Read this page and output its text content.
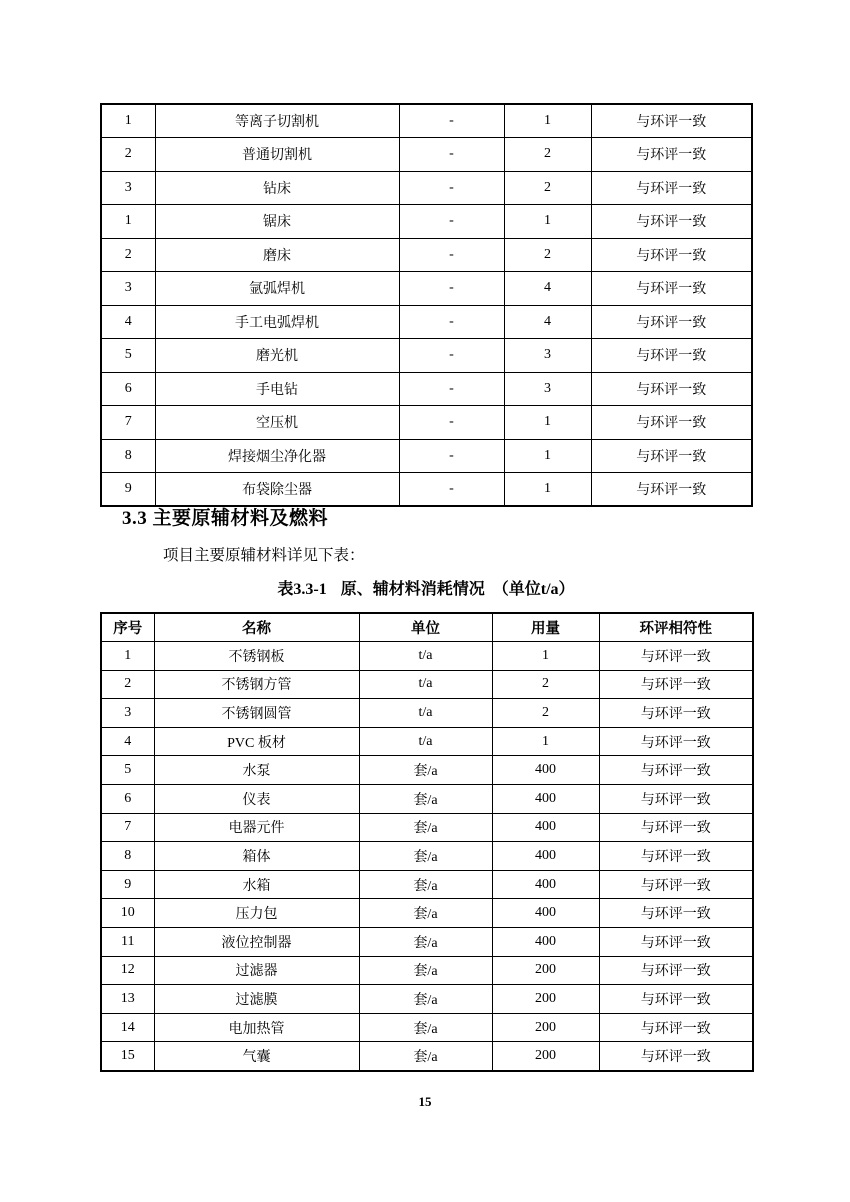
1	等离子切割机	-	1	与环评一致
2	普通切割机	-	2	与环评一致
3	钻床	-	2	与环评一致
1	锯床	-	1	与环评一致
2	磨床	-	2	与环评一致
3	氩弧焊机	-	4	与环评一致
4	手工电弧焊机	-	4	与环评一致
5	磨光机	-	3	与环评一致
6	手电钻	-	3	与环评一致
7	空压机	-	1	与环评一致
8	焊接烟尘净化器	-	1	与环评一致
9	布袋除尘器	-	1	与环评一致
3.3 主要原辅材料及燃料
项目主要原辅材料详见下表：
表3.3-1 原、辅材料消耗情况 （单位t/a）
序号	名称	单位	用量	环评相符性
1	不锈钢板	t/a	1	与环评一致
2	不锈钢方管	t/a	2	与环评一致
3	不锈钢圆管	t/a	2	与环评一致
4	PVC 板材	t/a	1	与环评一致
5	水泵	套/a	400	与环评一致
6	仪表	套/a	400	与环评一致
7	电器元件	套/a	400	与环评一致
8	箱体	套/a	400	与环评一致
9	水箱	套/a	400	与环评一致
10	压力包	套/a	400	与环评一致
11	液位控制器	套/a	400	与环评一致
12	过滤器	套/a	200	与环评一致
13	过滤膜	套/a	200	与环评一致
14	电加热管	套/a	200	与环评一致
15	气囊	套/a	200	与环评一致
15
